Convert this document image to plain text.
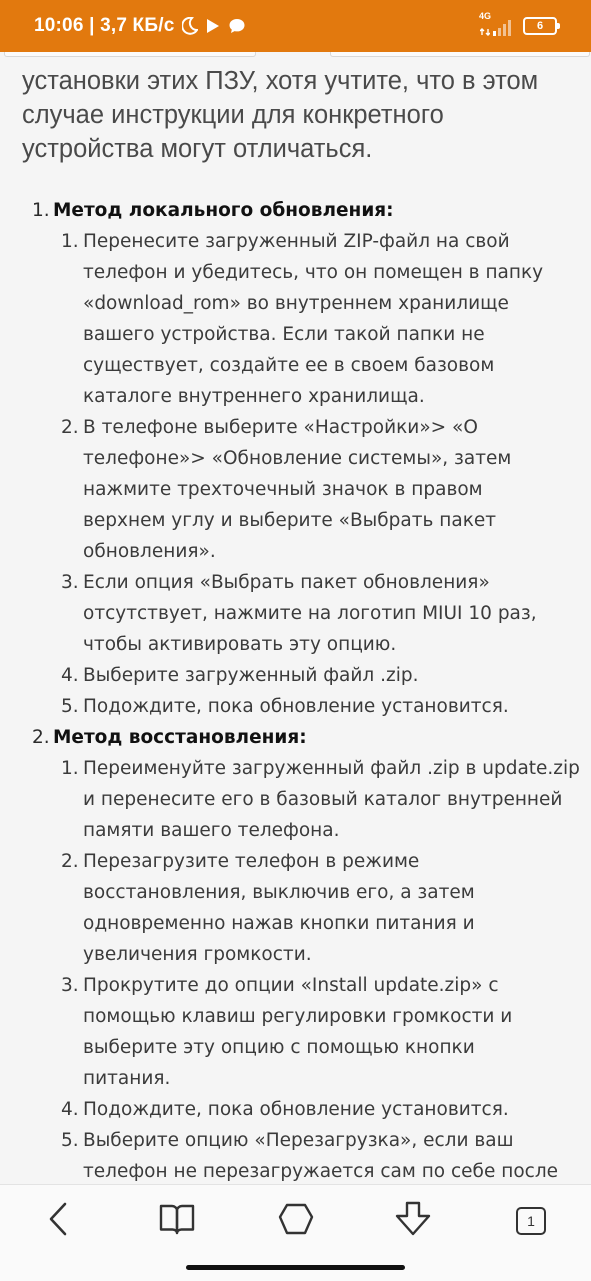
10:06 | 3,7 КБ/с	4G
6

установки этих ПЗУ, хотя учтите, что в этом случае инструкции для конкретного устройства могут отличаться.

1. Метод локального обновления:
1. Перенесите загруженный ZIP-файл на свой
телефон и убедитесь, что он помещен в папку
«download_rom» во внутреннем хранилище
вашего устройства. Если такой папки не
существует, создайте ее в своем базовом
каталоге внутреннего хранилища.
2. В телефоне выберите «Настройки»> «О
телефоне»> «Обновление системы», затем
нажмите трехточечный значок в правом
верхнем углу и выберите «Выбрать пакет
обновления».
3. Если опция «Выбрать пакет обновления»
отсутствует, нажмите на логотип MIUI 10 раз,
чтобы активировать эту опцию.
4. Выберите загруженный файл .zip.
5. Подождите, пока обновление установится.
2. Метод восстановления:
1. Переименуйте загруженный файл .zip в update.zip
и перенесите его в базовый каталог внутренней
памяти вашего телефона.
2. Перезагрузите телефон в режиме
восстановления, выключив его, а затем
одновременно нажав кнопки питания и
увеличения громкости.
3. Прокрутите до опции «Install update.zip» с
помощью клавиш регулировки громкости и
выберите эту опцию с помощью кнопки
питания.
4. Подождите, пока обновление установится.
5. Выберите опцию «Перезагрузка», если ваш
телефон не перезагружается сам по себе после
1
